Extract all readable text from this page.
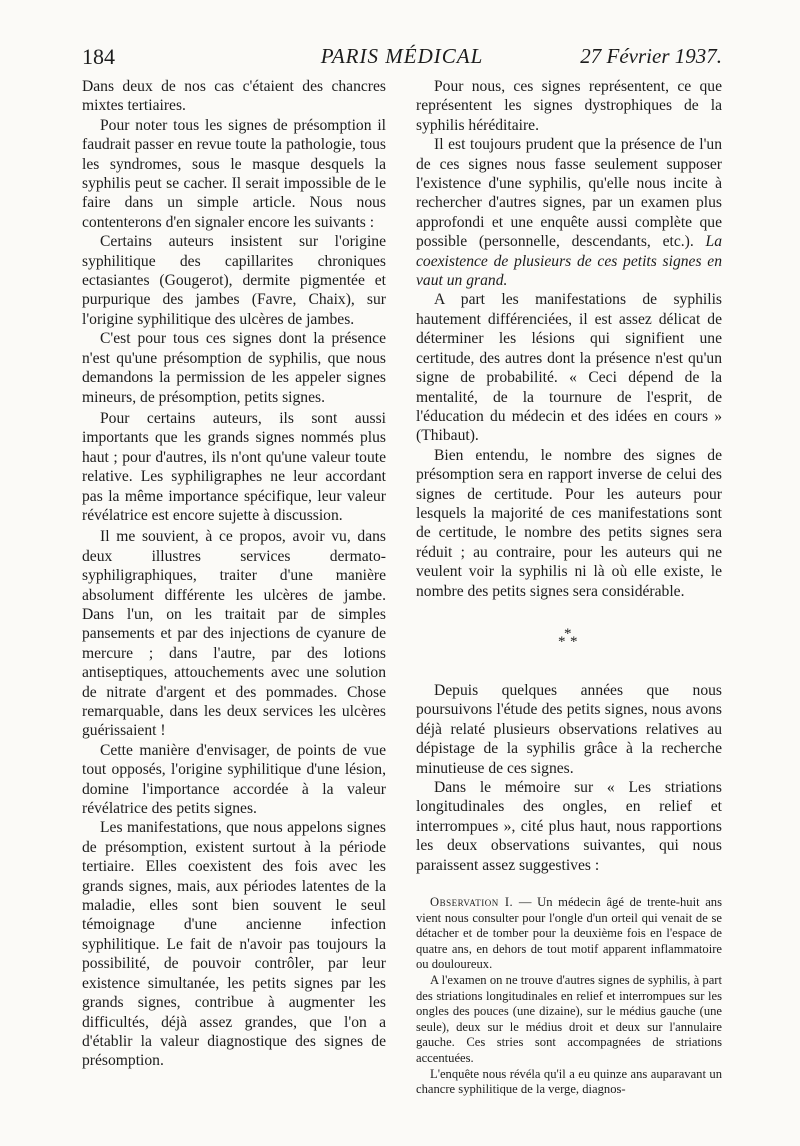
184	PARIS MÉDICAL	27 Février 1937.

Dans deux de nos cas c'étaient des chancres mixtes tertiaires.

Pour noter tous les signes de présomption il faudrait passer en revue toute la pathologie, tous les syndromes, sous le masque desquels la syphilis peut se cacher. Il serait impossible de le faire dans un simple article. Nous nous contenterons d'en signaler encore les suivants :

Certains auteurs insistent sur l'origine syphilitique des capillarites chroniques ectasiantes (Gougerot), dermite pigmentée et purpurique des jambes (Favre, Chaix), sur l'origine syphilitique des ulcères de jambes.

C'est pour tous ces signes dont la présence n'est qu'une présomption de syphilis, que nous demandons la permission de les appeler signes mineurs, de présomption, petits signes.

Pour certains auteurs, ils sont aussi importants que les grands signes nommés plus haut ; pour d'autres, ils n'ont qu'une valeur toute relative. Les syphiligraphes ne leur accordant pas la même importance spécifique, leur valeur révélatrice est encore sujette à discussion.

Il me souvient, à ce propos, avoir vu, dans deux illustres services dermato-syphiligraphiques, traiter d'une manière absolument différente les ulcères de jambe. Dans l'un, on les traitait par de simples pansements et par des injections de cyanure de mercure ; dans l'autre, par des lotions antiseptiques, attouchements avec une solution de nitrate d'argent et des pommades. Chose remarquable, dans les deux services les ulcères guérissaient !

Cette manière d'envisager, de points de vue tout opposés, l'origine syphilitique d'une lésion, domine l'importance accordée à la valeur révélatrice des petits signes.

Les manifestations, que nous appelons signes de présomption, existent surtout à la période tertiaire. Elles coexistent des fois avec les grands signes, mais, aux périodes latentes de la maladie, elles sont bien souvent le seul témoignage d'une ancienne infection syphilitique. Le fait de n'avoir pas toujours la possibilité, de pouvoir contrôler, par leur existence simultanée, les petits signes par les grands signes, contribue à augmenter les difficultés, déjà assez grandes, que l'on a d'établir la valeur diagnostique des signes de présomption.

Pour nous, ces signes représentent, ce que représentent les signes dystrophiques de la syphilis héréditaire.

Il est toujours prudent que la présence de l'un de ces signes nous fasse seulement supposer l'existence d'une syphilis, qu'elle nous incite à rechercher d'autres signes, par un examen plus approfondi et une enquête aussi complète que possible (personnelle, descendants, etc.). La coexistence de plusieurs de ces petits signes en vaut un grand.

A part les manifestations de syphilis hautement différenciées, il est assez délicat de déterminer les lésions qui signifient une certitude, des autres dont la présence n'est qu'un signe de probabilité. « Ceci dépend de la mentalité, de la tournure de l'esprit, de l'éducation du médecin et des idées en cours » (Thibaut).

Bien entendu, le nombre des signes de présomption sera en rapport inverse de celui des signes de certitude. Pour les auteurs pour lesquels la majorité de ces manifestations sont de certitude, le nombre des petits signes sera réduit ; au contraire, pour les auteurs qui ne veulent voir la syphilis ni là où elle existe, le nombre des petits signes sera considérable.

*
* *

Depuis quelques années que nous poursuivons l'étude des petits signes, nous avons déjà relaté plusieurs observations relatives au dépistage de la syphilis grâce à la recherche minutieuse de ces signes.

Dans le mémoire sur « Les striations longitudinales des ongles, en relief et interrompues », cité plus haut, nous rapportions les deux observations suivantes, qui nous paraissent assez suggestives :

Observation I. — Un médecin âgé de trente-huit ans vient nous consulter pour l'ongle d'un orteil qui venait de se détacher et de tomber pour la deuxième fois en l'espace de quatre ans, en dehors de tout motif apparent inflammatoire ou douloureux.

A l'examen on ne trouve d'autres signes de syphilis, à part des striations longitudinales en relief et interrompues sur les ongles des pouces (une dizaine), sur le médius gauche (une seule), deux sur le médius droit et deux sur l'annulaire gauche. Ces stries sont accompagnées de striations accentuées.

L'enquête nous révéla qu'il a eu quinze ans auparavant un chancre syphilitique de la verge, diagnos-
